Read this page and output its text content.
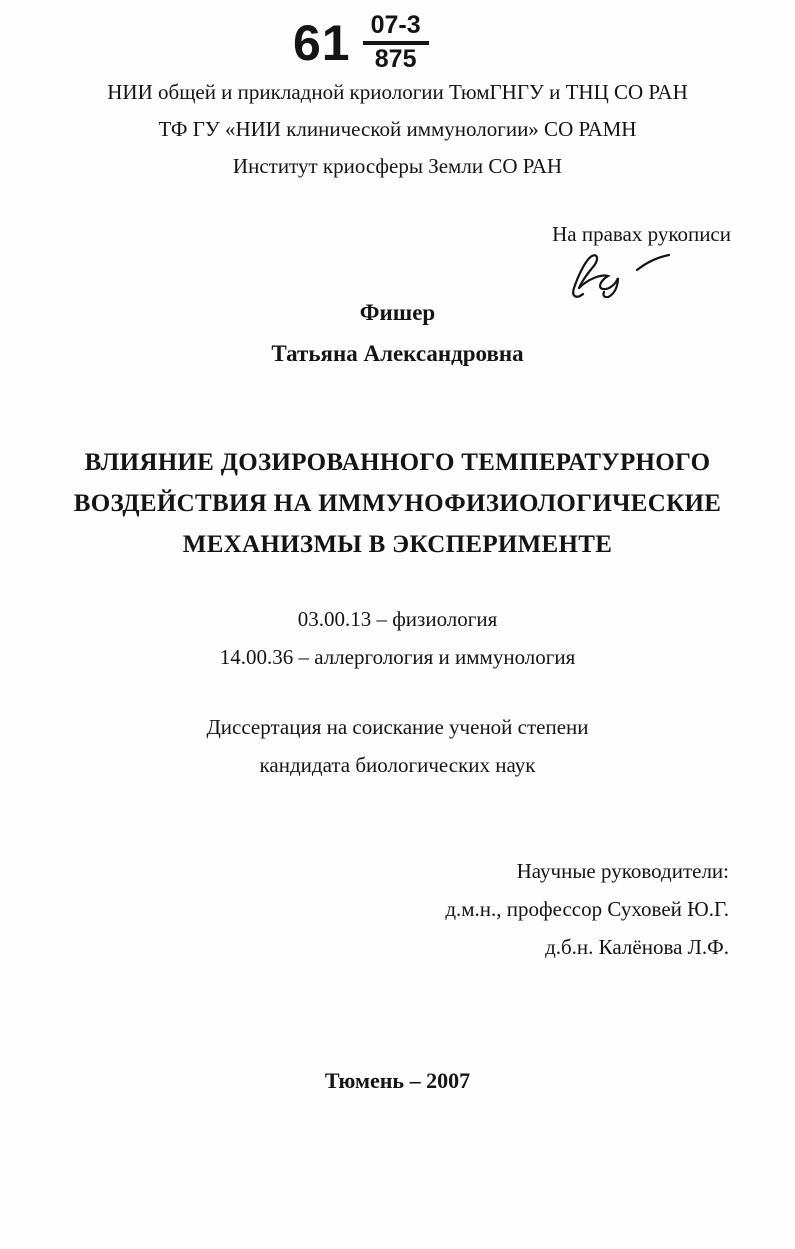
$61 \frac{07-3}{875}$
НИИ общей и прикладной криологии ТюмГНГУ и ТНЦ СО РАН
ТФ ГУ «НИИ клинической иммунологии» СО РАМН
Институт криосферы Земли СО РАН
На правах рукописи
Фишер
Татьяна Александровна
ВЛИЯНИЕ ДОЗИРОВАННОГО ТЕМПЕРАТУРНОГО
ВОЗДЕЙСТВИЯ НА ИММУНОФИЗИОЛОГИЧЕСКИЕ
МЕХАНИЗМЫ В ЭКСПЕРИМЕНТЕ
03.00.13 – физиология
14.00.36 – аллергология и иммунология
Диссертация на соискание ученой степени
кандидата биологических наук
Научные руководители:
д.м.н., профессор Суховей Ю.Г.
д.б.н. Калёнова Л.Ф.
Тюмень – 2007
